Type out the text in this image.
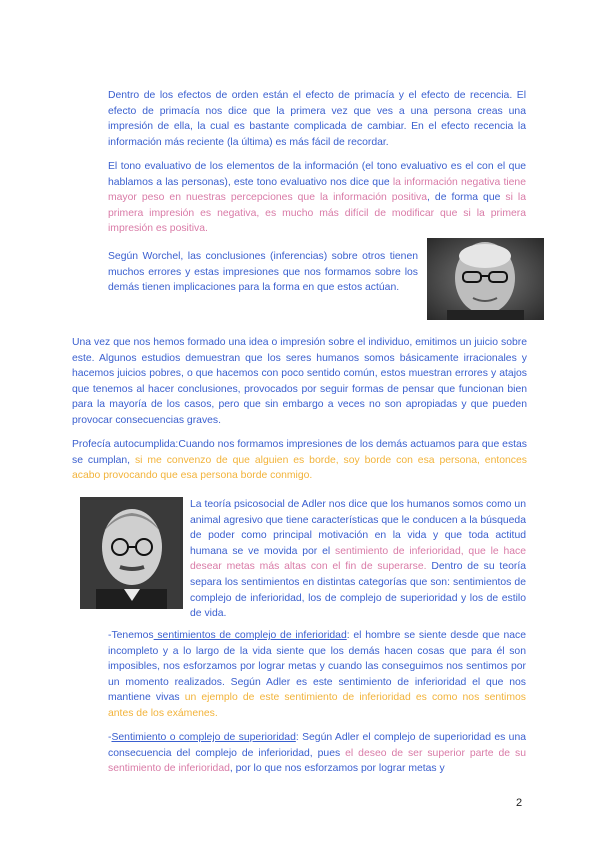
Dentro de los efectos de orden están el efecto de primacía y el efecto de recencia. El efecto de primacía nos dice que la primera vez que ves a una persona creas una impresión de ella, la cual es bastante complicada de cambiar. En el efecto recencia la información más reciente (la última) es más fácil de recordar.

El tono evaluativo de los elementos de la información (el tono evaluativo es el con el que hablamos a las personas), este tono evaluativo nos dice que la información negativa tiene mayor peso en nuestras percepciones que la información positiva, de forma que si la primera impresión es negativa, es mucho más difícil de modificar que si la primera impresión es positiva.

Según Worchel, las conclusiones (inferencias) sobre otros tienen muchos errores y estas impresiones que nos formamos sobre los demás tienen implicaciones para la forma en que estos actúan.

Una vez que nos hemos formado una idea o impresión sobre el individuo, emitimos un juicio sobre este. Algunos estudios demuestran que los seres humanos somos básicamente irracionales y hacemos juicios pobres, o que hacemos con poco sentido común, estos muestran errores y atajos que tenemos al hacer conclusiones, provocados por seguir formas de pensar que funcionan bien para la mayoría de los casos, pero que sin embargo a veces no son apropiadas y que pueden provocar consecuencias graves.

Profecía autocumplida:Cuando nos formamos impresiones de los demás actuamos para que estas se cumplan, si me convenzo de que alguien es borde, soy borde con esa persona, entonces acabo provocando que esa persona borde conmigo.

La teoría psicosocial de Adler nos dice que los humanos somos como un animal agresivo que tiene características que le conducen a la búsqueda de poder como principal motivación en la vida y que toda actitud humana se ve movida por el sentimiento de inferioridad, que le hace desear metas más altas con el fin de superarse. Dentro de su teoría separa los sentimientos en distintas categorías que son: sentimientos de complejo de inferioridad, los de complejo de superioridad y los de estilo de vida.

-Tenemos sentimientos de complejo de inferioridad: el hombre se siente desde que nace incompleto y a lo largo de la vida siente que los demás hacen cosas que para él son imposibles, nos esforzamos por lograr metas y cuando las conseguimos nos sentimos por un momento realizados. Según Adler es este sentimiento de inferioridad el que nos mantiene vivas un ejemplo de este sentimiento de inferioridad es como nos sentimos antes de los exámenes.

-Sentimiento o complejo de superioridad: Según Adler el complejo de superioridad es una consecuencia del complejo de inferioridad, pues el deseo de ser superior parte de su sentimiento de inferioridad, por lo que nos esforzamos por lograr metas y

2
